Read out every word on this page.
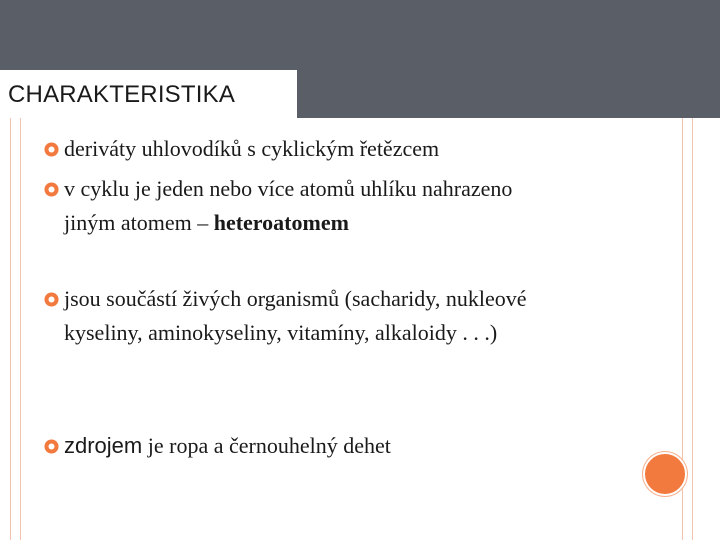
CHARAKTERISTIKA
deriváty uhlovodíků s cyklickým řetězcem
v cyklu je jeden nebo více atomů uhlíku nahrazeno jiným atomem – heteroatomem
jsou součástí živých organismů (sacharidy, nukleové kyseliny, aminokyseliny, vitamíny, alkaloidy . . .)
zdrojem je ropa a černouhelný dehet
